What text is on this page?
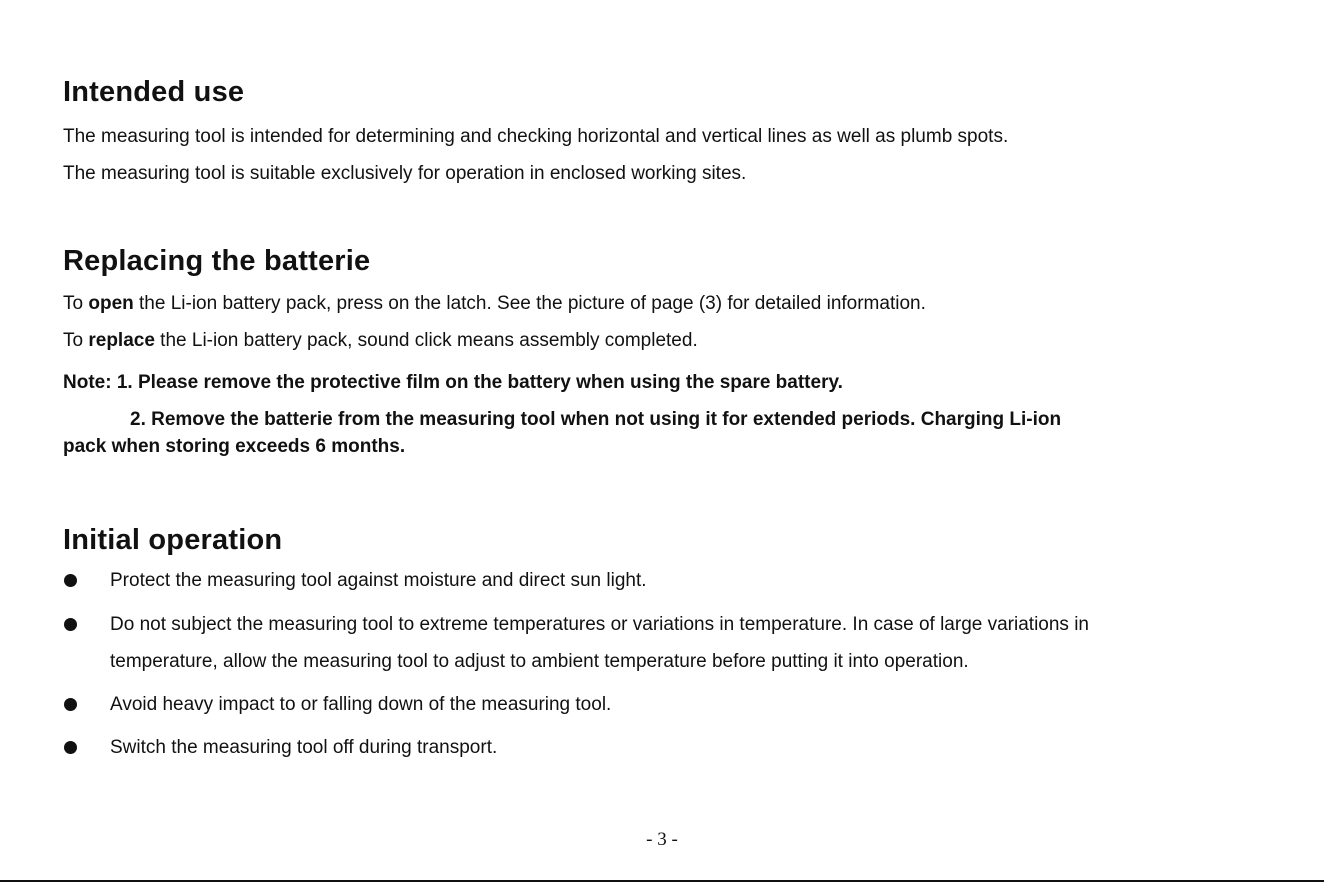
Intended use

The measuring tool is intended for determining and checking horizontal and vertical lines as well as plumb spots.

The measuring tool is suitable exclusively for operation in enclosed working sites.

Replacing the batterie

To open the Li-ion battery pack, press on the latch. See the picture of page (3) for detailed information.

To replace the Li-ion battery pack, sound click means assembly completed.

Note: 1. Please remove the protective film on the battery when using the spare battery.

2. Remove the batterie from the measuring tool when not using it for extended periods. Charging Li-ion

pack when storing exceeds 6 months.

Initial operation

Protect the measuring tool against moisture and direct sun light.

Do not subject the measuring tool to extreme temperatures or variations in temperature. In case of large variations in

temperature, allow the measuring tool to adjust to ambient temperature before putting it into operation.

Avoid heavy impact to or falling down of the measuring tool.

Switch the measuring tool off during transport.

- 3 -
